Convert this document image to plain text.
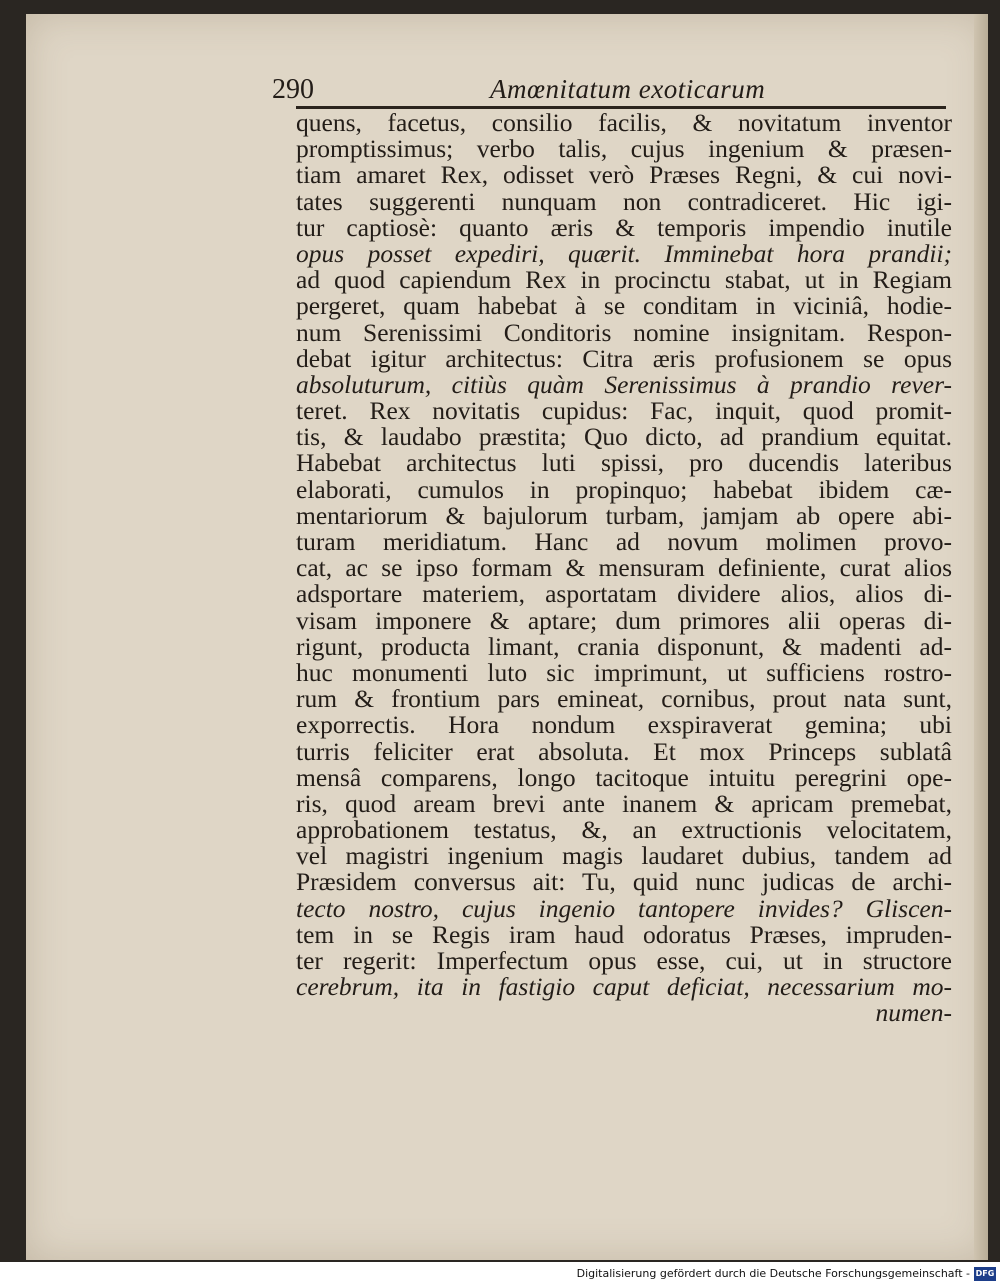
290	Amœnitatum exoticarum
quens, facetus, consilio facilis, & novitatum inventor
promptissimus; verbo talis, cujus ingenium & præsen-
tiam amaret Rex, odisset verò Præses Regni, & cui novi-
tates suggerenti nunquam non contradiceret. Hic igi-
tur captiosè: quanto æris & temporis impendio inutile
opus posset expediri, quærit. Imminebat hora prandii;
ad quod capiendum Rex in procinctu stabat, ut in Regiam
pergeret, quam habebat à se conditam in viciniâ, hodie-
num Serenissimi Conditoris nomine insignitam. Respon-
debat igitur architectus: Citra æris profusionem se opus
absoluturum, citiùs quàm Serenissimus à prandio rever-
teret. Rex novitatis cupidus: Fac, inquit, quod promit-
tis, & laudabo præstita; Quo dicto, ad prandium equitat.
Habebat architectus luti spissi, pro ducendis lateribus
elaborati, cumulos in propinquo; habebat ibidem cæ-
mentariorum & bajulorum turbam, jamjam ab opere abi-
turam meridiatum. Hanc ad novum molimen provo-
cat, ac se ipso formam & mensuram definiente, curat alios
adsportare materiem, asportatam dividere alios, alios di-
visam imponere & aptare; dum primores alii operas di-
rigunt, producta limant, crania disponunt, & madenti ad-
huc monumenti luto sic imprimunt, ut sufficiens rostro-
rum & frontium pars emineat, cornibus, prout nata sunt,
exporrectis. Hora nondum exspiraverat gemina; ubi
turris feliciter erat absoluta. Et mox Princeps sublatâ
mensâ comparens, longo tacitoque intuitu peregrini ope-
ris, quod aream brevi ante inanem & apricam premebat,
approbationem testatus, &, an extructionis velocitatem,
vel magistri ingenium magis laudaret dubius, tandem ad
Præsidem conversus ait: Tu, quid nunc judicas de archi-
tecto nostro, cujus ingenio tantopere invides? Gliscen-
tem in se Regis iram haud odoratus Præses, impruden-
ter regerit: Imperfectum opus esse, cui, ut in structore
cerebrum, ita in fastigio caput deficiat, necessarium mo-
numen-
Digitalisierung gefördert durch die Deutsche Forschungsgemeinschaft - DFG
